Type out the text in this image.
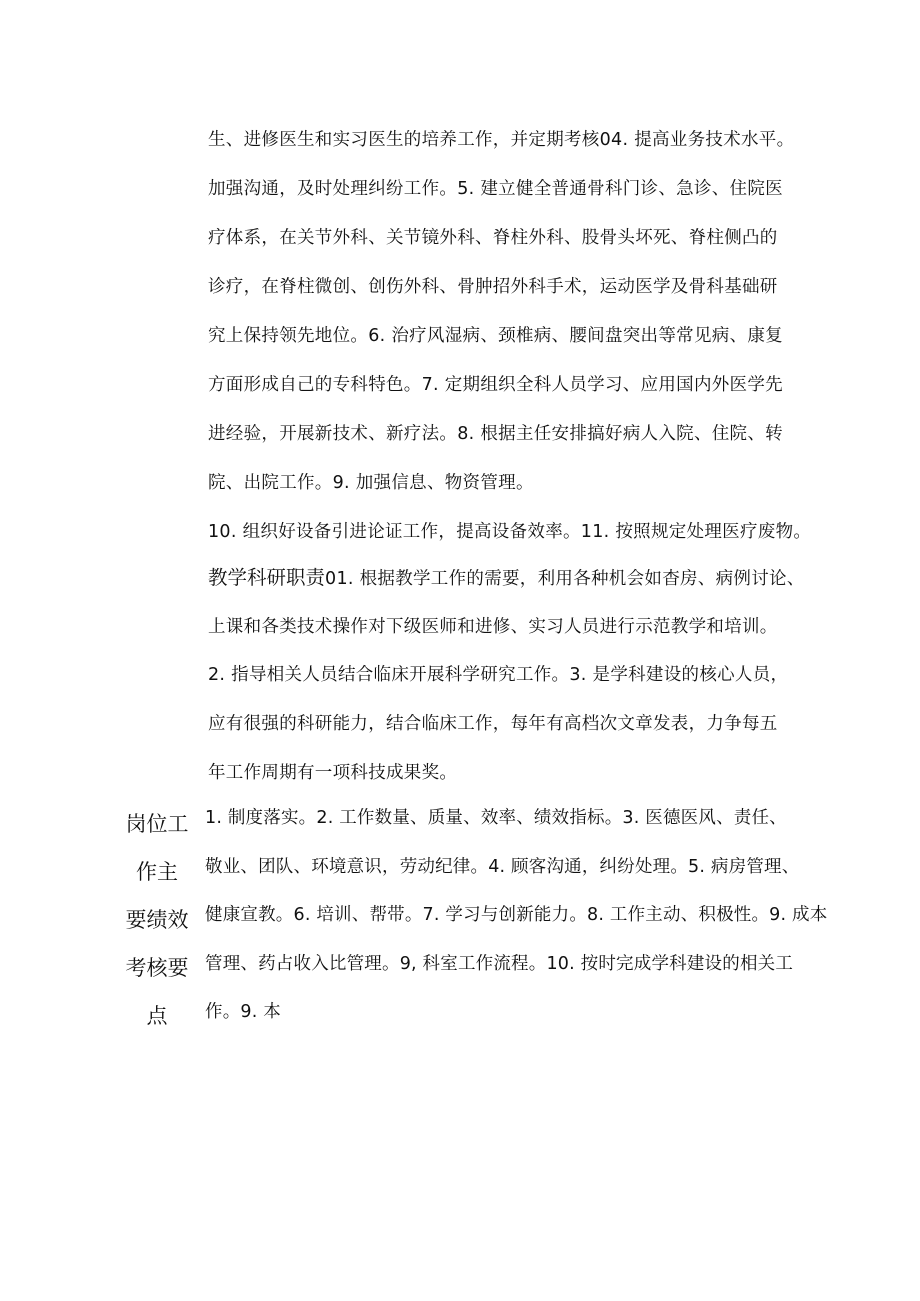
生、进修医生和实习医生的培养工作，并定期考核04. 提高业务技术水平。
加强沟通，及时处理纠纷工作。5. 建立健全普通骨科门诊、急诊、住院医
疗体系，在关节外科、关节镜外科、脊柱外科、股骨头坏死、脊柱侧凸的
诊疗，在脊柱微创、创伤外科、骨肿招外科手术，运动医学及骨科基础研
究上保持领先地位。6. 治疗风湿病、颈椎病、腰间盘突出等常见病、康复
方面形成自己的专科特色。7. 定期组织全科人员学习、应用国内外医学先
进经验，开展新技术、新疗法。8. 根据主任安排搞好病人入院、住院、转
院、出院工作。9. 加强信息、物资管理。
10. 组织好设备引进论证工作，提高设备效率。11. 按照规定处理医疗废物。
教学科研职责01. 根据教学工作的需要，利用各种机会如杳房、病例讨论、
上课和各类技术操作对下级医师和进修、实习人员进行示范教学和培训。
2. 指导相关人员结合临床开展科学研究工作。3. 是学科建设的核心人员，
应有很强的科研能力，结合临床工作，每年有高档次文章发表，力争每五
年工作周期有一项科技成果奖。
岗位工
作主
要绩效
考核要
点
1. 制度落实。2. 工作数量、质量、效率、绩效指标。3. 医德医风、责任、
敬业、团队、环境意识，劳动纪律。4. 顾客沟通，纠纷处理。5. 病房管理、
健康宣教。6. 培训、帮带。7. 学习与创新能力。8. 工作主动、积极性。9. 成本
管理、药占收入比管理。9, 科室工作流程。10. 按时完成学科建设的相关工
作。9. 本
